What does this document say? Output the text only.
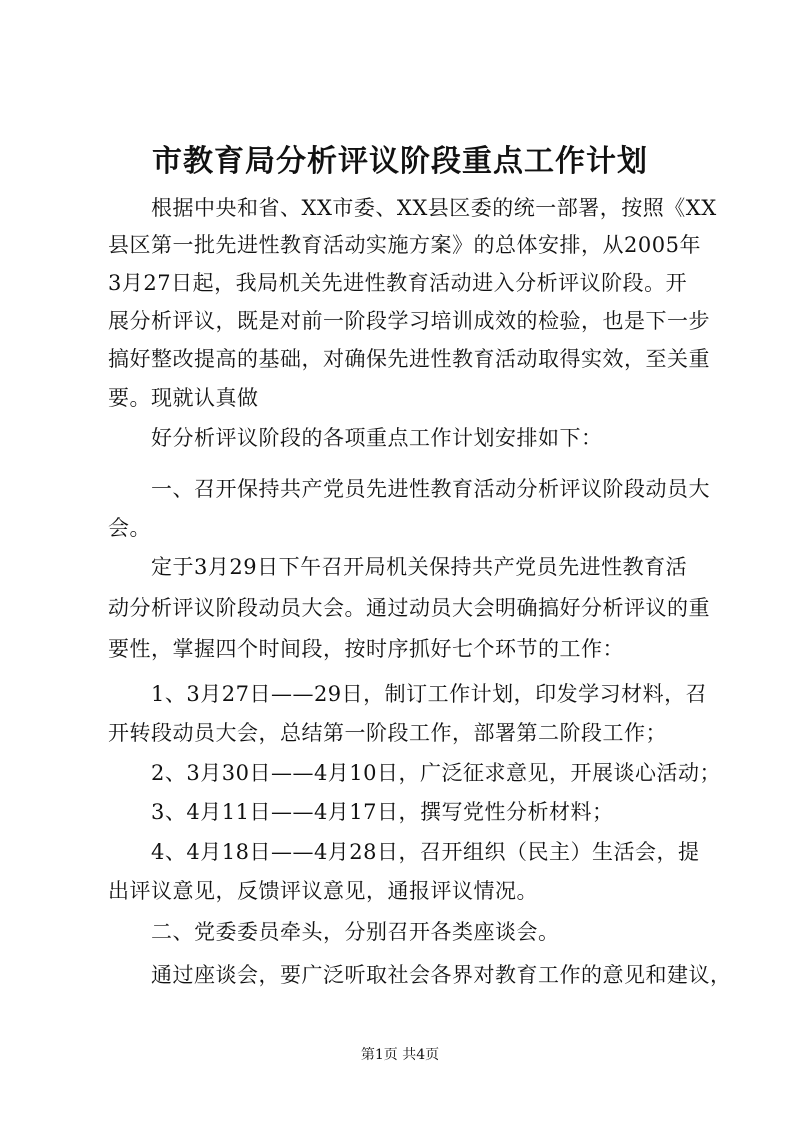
市教育局分析评议阶段重点工作计划
　　根据中央和省、XX市委、XX县区委的统一部署，按照《XX
县区第一批先进性教育活动实施方案》的总体安排，从2005年
3月27日起，我局机关先进性教育活动进入分析评议阶段。开
展分析评议，既是对前一阶段学习培训成效的检验，也是下一步
搞好整改提高的基础，对确保先进性教育活动取得实效，至关重
要。现就认真做
　　好分析评议阶段的各项重点工作计划安排如下：
　　一、召开保持共产党员先进性教育活动分析评议阶段动员大
会。
　　定于3月29日下午召开局机关保持共产党员先进性教育活
动分析评议阶段动员大会。通过动员大会明确搞好分析评议的重
要性，掌握四个时间段，按时序抓好七个环节的工作：
　　1、3月27日——29日，制订工作计划，印发学习材料，召
开转段动员大会，总结第一阶段工作，部署第二阶段工作；
　　2、3月30日——4月10日，广泛征求意见，开展谈心活动；
　　3、4月11日——4月17日，撰写党性分析材料；
　　4、4月18日——4月28日，召开组织（民主）生活会，提
出评议意见，反馈评议意见，通报评议情况。
　　二、党委委员牵头，分别召开各类座谈会。
　　通过座谈会，要广泛听取社会各界对教育工作的意见和建议，
第1页 共4页
